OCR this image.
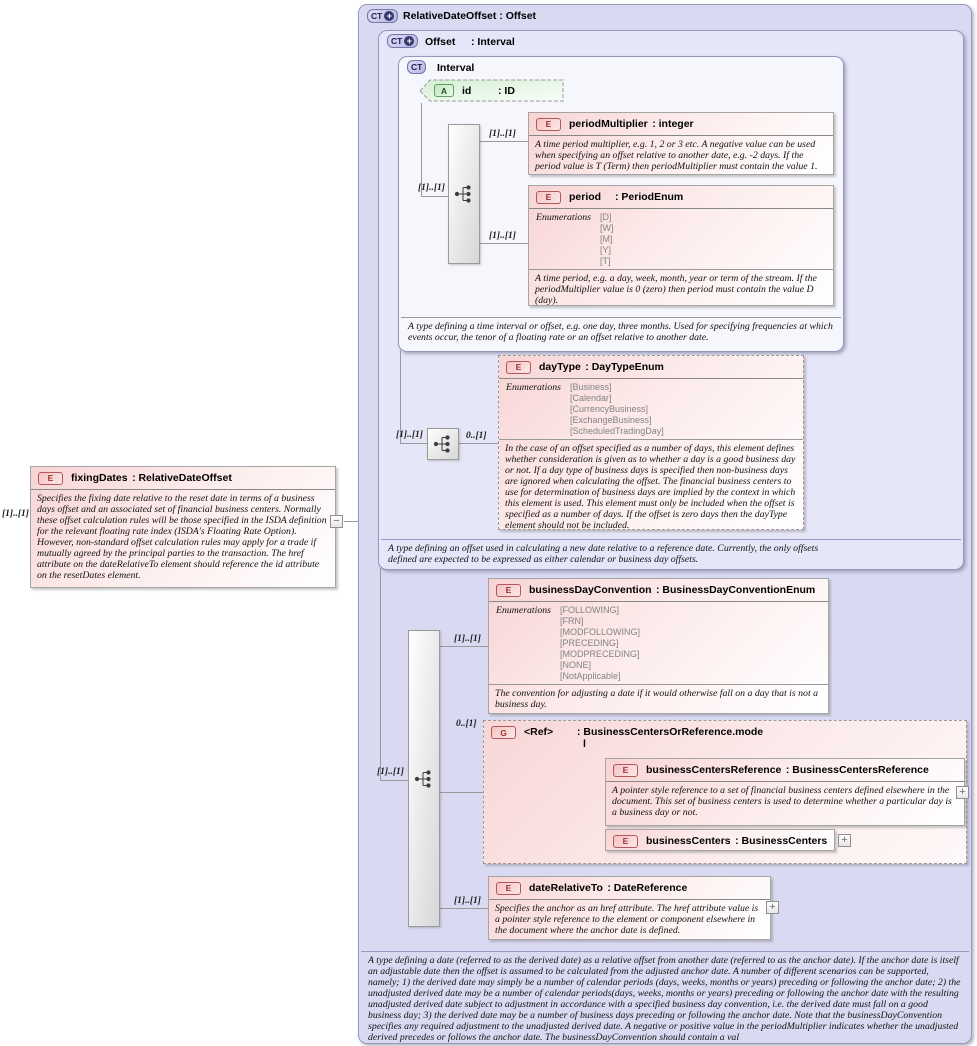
CT + RelativeDateOffset : Offset
A type defining a date (referred to as the derived date) as a relative offset from another date (referred to as the anchor date). If the anchor date is itself an adjustable date then the offset is assumed to be calculated from the adjusted anchor date. A number of different scenarios can be supported, namely; 1) the derived date may simply be a number of calendar periods (days, weeks, months or years) preceding or following the anchor date; 2) the unadjusted derived date may be a number of calendar periods(days, weeks, months or years) preceding or following the anchor date with the resulting unadjusted derived date subject to adjustment in accordance with a specified business day convention, i.e. the derived date must fall on a good business day; 3) the derived date may be a number of business days preceding or following the anchor date. Note that the businessDayConvention specifies any required adjustment to the unadjusted derived date. A negative or positive value in the periodMultiplier indicates whether the unadjusted derived precedes or follows the anchor date. The businessDayConvention should contain a val
CT + Offset : Interval
A type defining an offset used in calculating a new date relative to a reference date. Currently, the only offsets defined are expected to be expressed as either calendar or business day offsets.
CT Interval
A type defining a time interval or offset, e.g. one day, three months. Used for specifying frequencies at which events occur, the tenor of a floating rate or an offset relative to another date.
[1]..[1]
[1]..[1]
[1]..[1]
[1]..[1]
[1]..[1]	0..[1]
[1]..[1]
[1]..[1]
0..[1]
[1]..[1]
E	fixingDates
: RelativeDateOffset
Specifies the fixing date relative to the reset date in terms of a business days offset and an associated set of financial business centers. Normally these offset calculation rules will be those specified in the ISDA definition for the relevant floating rate index (ISDA's Floating Rate Option). However, non-standard offset calculation rules may apply for a trade if mutually agreed by the principal parties to the transaction. The href attribute on the dateRelativeTo element should reference the id attribute on the resetDates element.
−
A	id	: ID
E	periodMultiplier
: integer
A time period multiplier, e.g. 1, 2 or 3 etc. A negative value can be used when specifying an offset relative to another date, e.g. -2 days. If the period value is T (Term) then periodMultiplier must contain the value 1.
E	period	: PeriodEnum
Enumerations	[D]
[W]
[M]
[Y]
[T]
A time period, e.g. a day, week, month, year or term of the stream. If the periodMultiplier value is 0 (zero) then period must contain the value D (day).
E	dayType
: DayTypeEnum
Enumerations	[Business]
[Calendar]
[CurrencyBusiness]
[ExchangeBusiness]
[ScheduledTradingDay]
In the case of an offset specified as a number of days, this element defines whether consideration is given as to whether a day is a good business day or not. If a day type of business days is specified then non-business days are ignored when calculating the offset. The financial business centers to use for determination of business days are implied by the context in which this element is used. This element must only be included when the offset is specified as a number of days. If the offset is zero days then the dayType element should not be included.
E	businessDayConvention
: BusinessDayConventionEnum
Enumerations	[FOLLOWING]
[FRN]
[MODFOLLOWING]
[PRECEDING]
[MODPRECEDING]
[NONE]
[NotApplicable]
The convention for adjusting a date if it would otherwise fall on a day that is not a business day.
G	<Ref>	: BusinessCentersOrReference.mode
l
E	businessCentersReference
: BusinessCentersReference
A pointer style reference to a set of financial business centers defined elsewhere in the document. This set of business centers is used to determine whether a particular day is a business day or not.
+
E	businessCenters
: BusinessCenters +
E	dateRelativeTo
: DateReference
Specifies the anchor as an href attribute. The href attribute value is a pointer style reference to the element or component elsewhere in the document where the anchor date is defined.
+
